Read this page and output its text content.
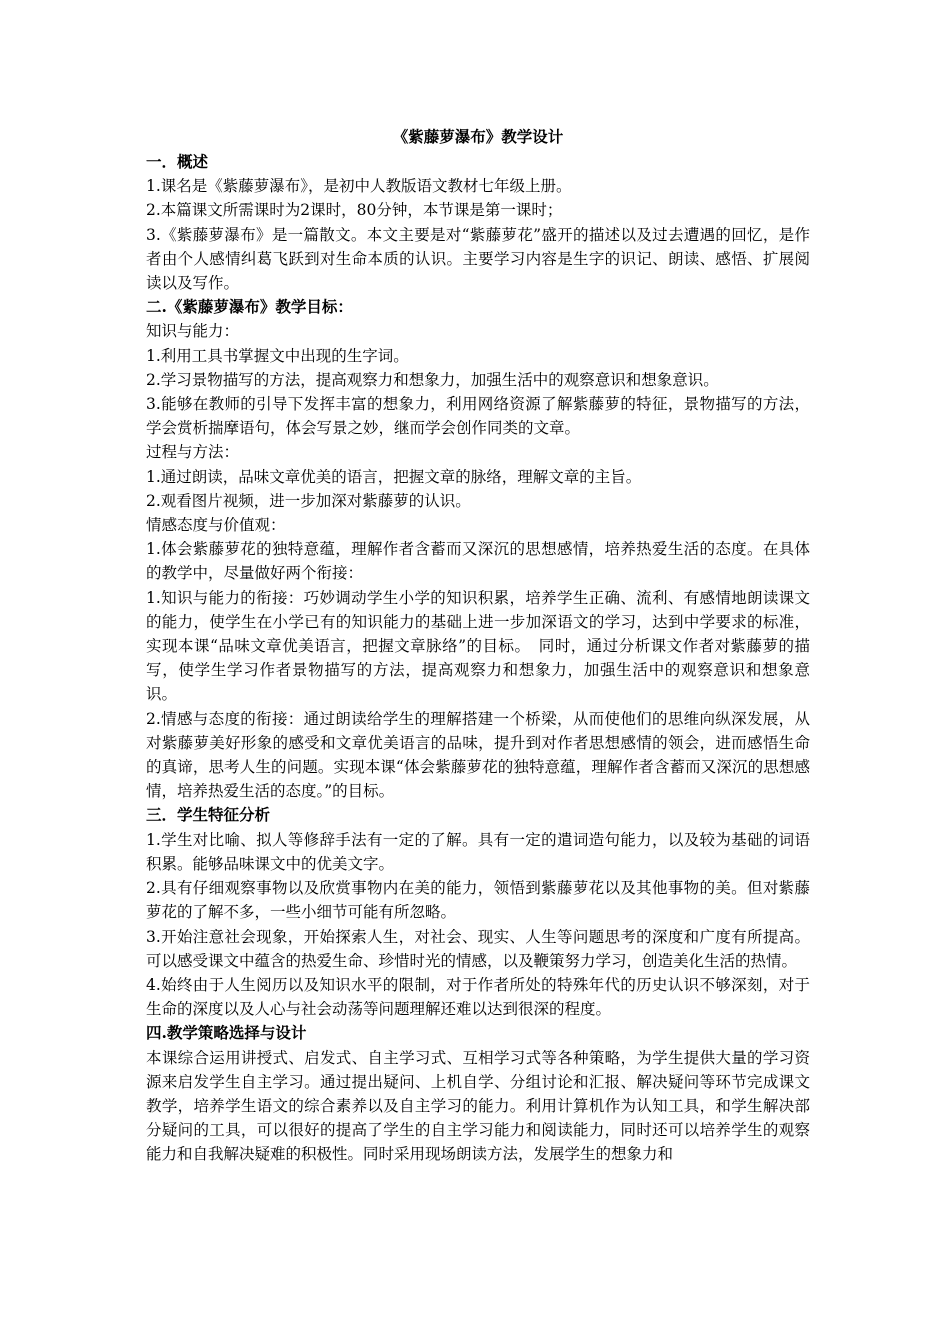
《紫藤萝瀑布》教学设计

一．概述

1.课名是《紫藤萝瀑布》，是初中人教版语文教材七年级上册。

2.本篇课文所需课时为2课时，80分钟，本节课是第一课时；

3.《紫藤萝瀑布》是一篇散文。本文主要是对“紫藤萝花”盛开的描述以及过去遭遇的回忆，是作者由个人感情纠葛飞跃到对生命本质的认识。主要学习内容是生字的识记、朗读、感悟、扩展阅读以及写作。

二.《紫藤萝瀑布》教学目标：

知识与能力：

1.利用工具书掌握文中出现的生字词。

2.学习景物描写的方法，提高观察力和想象力，加强生活中的观察意识和想象意识。

3.能够在教师的引导下发挥丰富的想象力，利用网络资源了解紫藤萝的特征，景物描写的方法，学会赏析揣摩语句，体会写景之妙，继而学会创作同类的文章。

过程与方法：

1.通过朗读，品味文章优美的语言，把握文章的脉络，理解文章的主旨。

2.观看图片视频，进一步加深对紫藤萝的认识。

情感态度与价值观：

1.体会紫藤萝花的独特意蕴，理解作者含蓄而又深沉的思想感情，培养热爱生活的态度。在具体的教学中，尽量做好两个衔接：

1.知识与能力的衔接：巧妙调动学生小学的知识积累，培养学生正确、流利、有感情地朗读课文的能力，使学生在小学已有的知识能力的基础上进一步加深语文的学习，达到中学要求的标准，实现本课“品味文章优美语言，把握文章脉络”的目标。　同时，通过分析课文作者对紫藤萝的描写，使学生学习作者景物描写的方法，提高观察力和想象力，加强生活中的观察意识和想象意识。

2.情感与态度的衔接：通过朗读给学生的理解搭建一个桥梁，从而使他们的思维向纵深发展，从对紫藤萝美好形象的感受和文章优美语言的品味，提升到对作者思想感情的领会，进而感悟生命的真谛，思考人生的问题。实现本课“体会紫藤萝花的独特意蕴，理解作者含蓄而又深沉的思想感情，培养热爱生活的态度。”的目标。

三．学生特征分析

1.学生对比喻、拟人等修辞手法有一定的了解。具有一定的遣词造句能力，以及较为基础的词语积累。能够品味课文中的优美文字。

2.具有仔细观察事物以及欣赏事物内在美的能力，领悟到紫藤萝花以及其他事物的美。但对紫藤萝花的了解不多，一些小细节可能有所忽略。

3.开始注意社会现象，开始探索人生，对社会、现实、人生等问题思考的深度和广度有所提高。可以感受课文中蕴含的热爱生命、珍惜时光的情感，以及鞭策努力学习，创造美化生活的热情。

4.始终由于人生阅历以及知识水平的限制，对于作者所处的特殊年代的历史认识不够深刻，对于生命的深度以及人心与社会动荡等问题理解还难以达到很深的程度。

四.教学策略选择与设计

本课综合运用讲授式、启发式、自主学习式、互相学习式等各种策略，为学生提供大量的学习资源来启发学生自主学习。通过提出疑问、上机自学、分组讨论和汇报、解决疑问等环节完成课文教学，培养学生语文的综合素养以及自主学习的能力。利用计算机作为认知工具，和学生解决部分疑问的工具，可以很好的提高了学生的自主学习能力和阅读能力，同时还可以培养学生的观察能力和自我解决疑难的积极性。同时采用现场朗读方法，发展学生的想象力和
